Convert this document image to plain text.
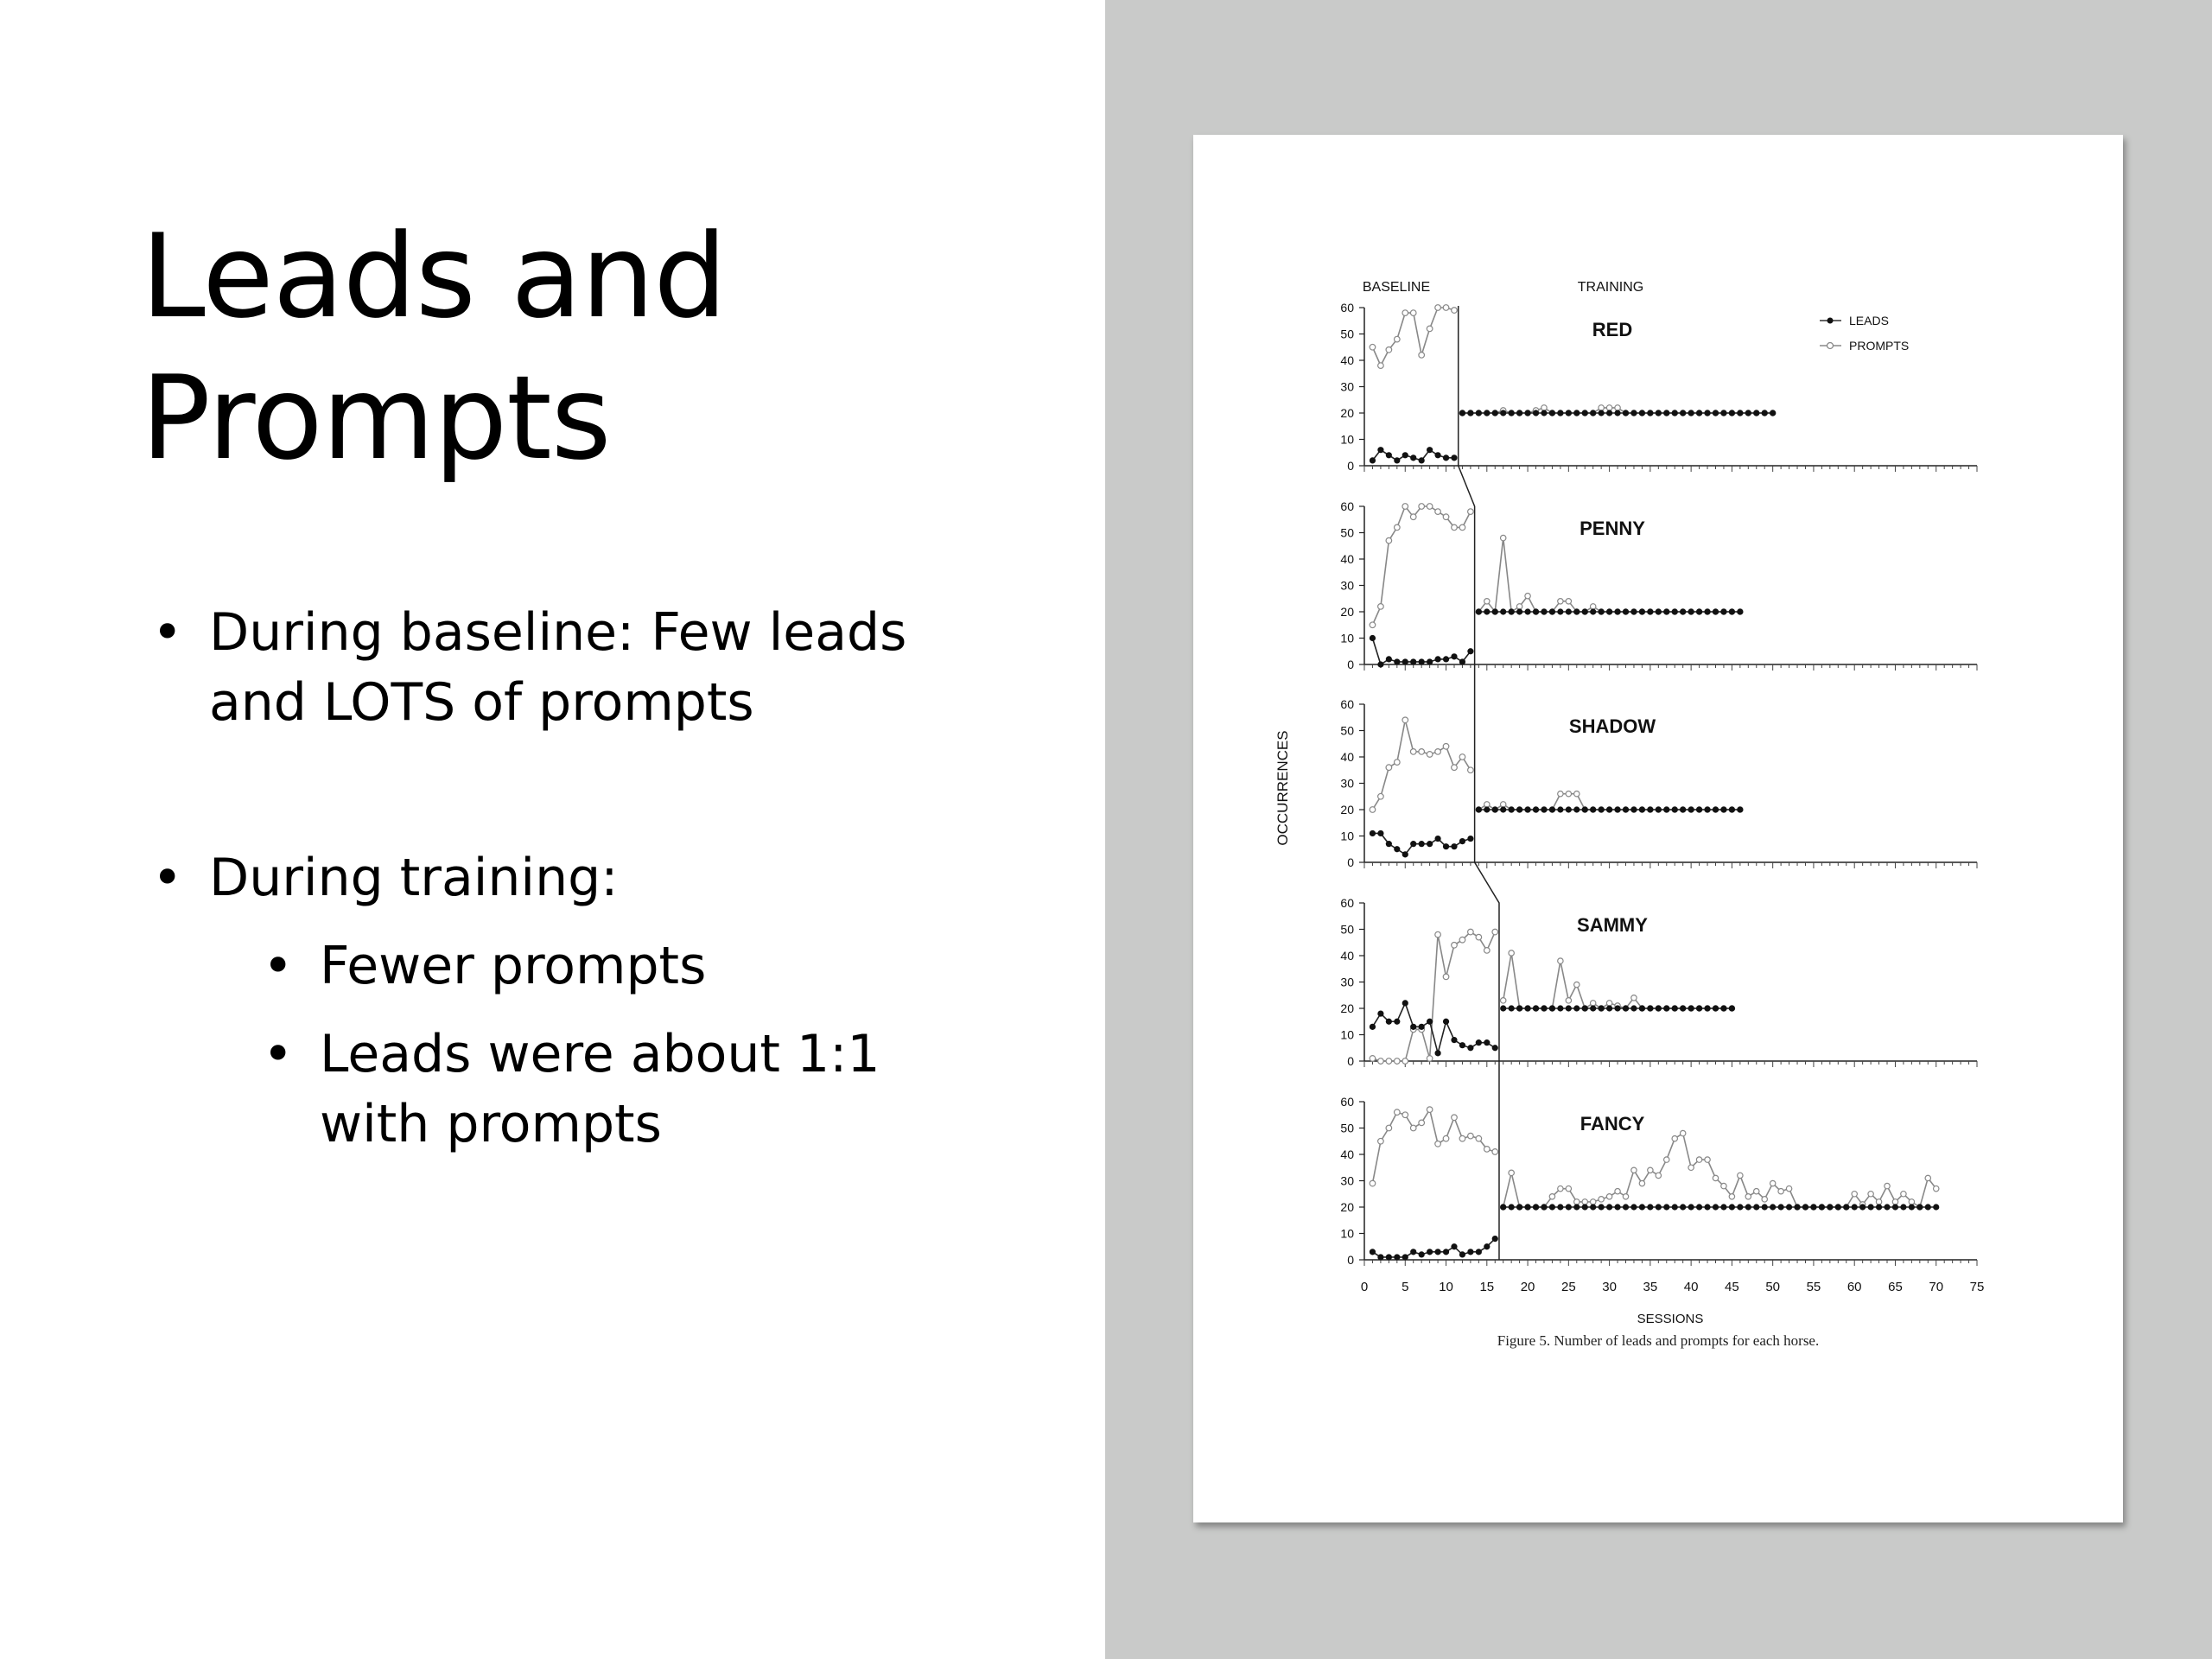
Leads and
Prompts
• During baseline: Few leads
and LOTS of prompts
• During training:
• Fewer prompts
• Leads were about 1:1
with prompts
BASELINE	TRAINING
OCCURRENCES
LEADS
PROMPTS
0
10
20
30
40
50
60
RED
0
10
20
30
40
50
60
PENNY
0
10
20
30
40
50
60
SHADOW
0
10
20
30
40
50
60
SAMMY
0
10
20
30
40
50
60
FANCY
0	5 10 15 20 25 30 35 40 45 50 55 60 65 70 75
SESSIONS
Figure 5. Number of leads and prompts for each horse.
